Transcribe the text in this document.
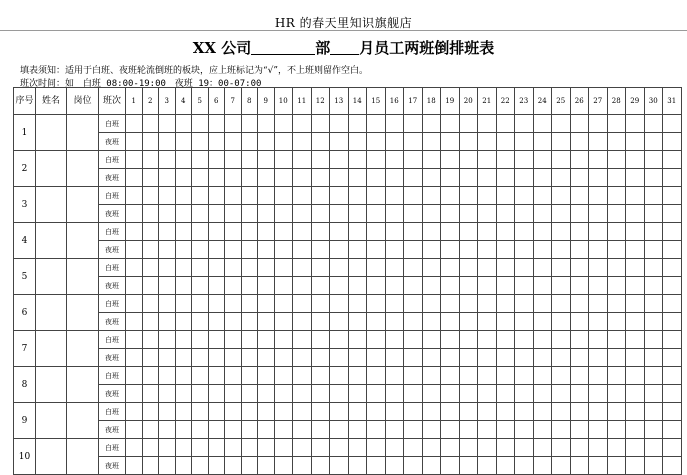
HR 的春天里知识旗舰店
XX 公司	部 月员工两班倒排班表
填表须知：适用于白班、夜班轮流倒班的板块，应上班标记为“√”，不上班则留作空白。
班次时间：如 白班 08:00-19:00 夜班 19：00-07:00
序号	姓名	岗位	班次	1	2	3	4	5	6	7	8	9	10	11	12	13	14	15	16	17	18	19	20	21	22	23	24	25	26	27	28	29	30	31
1			白班																															
			夜班																															
2			白班																															
			夜班																															
3			白班																															
			夜班																															
4			白班																															
			夜班																															
5			白班																															
			夜班																															
6			白班																															
			夜班																															
7			白班																															
			夜班																															
8			白班																															
			夜班																															
9			白班																															
			夜班																															
10			白班																															
			夜班																															
